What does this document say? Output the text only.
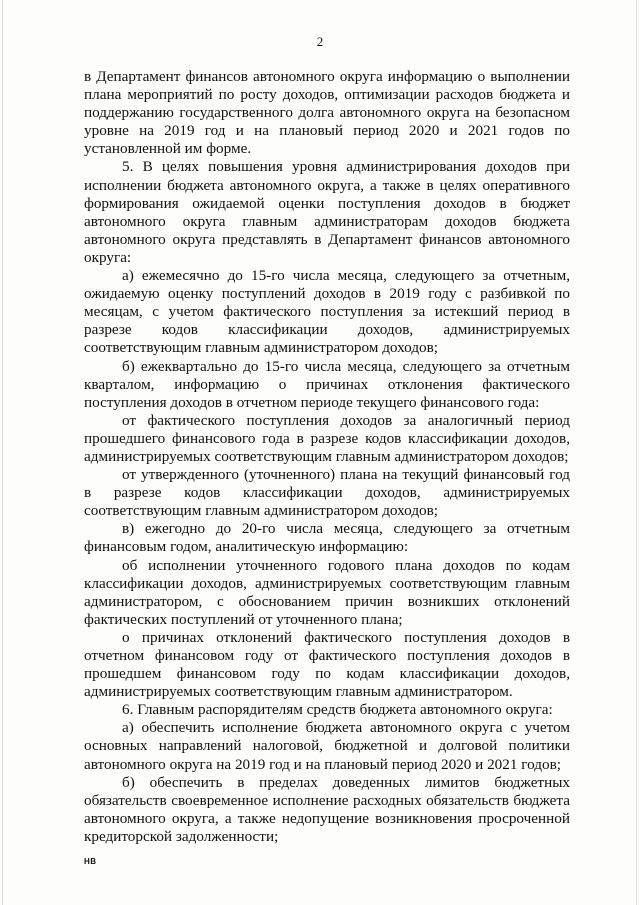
2

в Департамент финансов автономного округа информацию о выполнении плана мероприятий по росту доходов, оптимизации расходов бюджета и поддержанию государственного долга автономного округа на безопасном уровне на 2019 год и на плановый период 2020 и 2021 годов по установленной им форме.

5. В целях повышения уровня администрирования доходов при исполнении бюджета автономного округа, а также в целях оперативного формирования ожидаемой оценки поступления доходов в бюджет автономного округа главным администраторам доходов бюджета автономного округа представлять в Департамент финансов автономного округа:

а) ежемесячно до 15-го числа месяца, следующего за отчетным, ожидаемую оценку поступлений доходов в 2019 году с разбивкой по месяцам, с учетом фактического поступления за истекший период в разрезе кодов классификации доходов, администрируемых соответствующим главным администратором доходов;

б) ежеквартально до 15-го числа месяца, следующего за отчетным кварталом, информацию о причинах отклонения фактического поступления доходов в отчетном периоде текущего финансового года:

от фактического поступления доходов за аналогичный период прошедшего финансового года в разрезе кодов классификации доходов, администрируемых соответствующим главным администратором доходов;

от утвержденного (уточненного) плана на текущий финансовый год в разрезе кодов классификации доходов, администрируемых соответствующим главным администратором доходов;

в) ежегодно до 20-го числа месяца, следующего за отчетным финансовым годом, аналитическую информацию:

об исполнении уточненного годового плана доходов по кодам классификации доходов, администрируемых соответствующим главным администратором, с обоснованием причин возникших отклонений фактических поступлений от уточненного плана;

о причинах отклонений фактического поступления доходов в отчетном финансовом году от фактического поступления доходов в прошедшем финансовом году по кодам классификации доходов, администрируемых соответствующим главным администратором.

6. Главным распорядителям средств бюджета автономного округа:

а) обеспечить исполнение бюджета автономного округа с учетом основных направлений налоговой, бюджетной и долговой политики автономного округа на 2019 год и на плановый период 2020 и 2021 годов;

б) обеспечить в пределах доведенных лимитов бюджетных обязательств своевременное исполнение расходных обязательств бюджета автономного округа, а также недопущение возникновения просроченной кредиторской задолженности;

НВ
